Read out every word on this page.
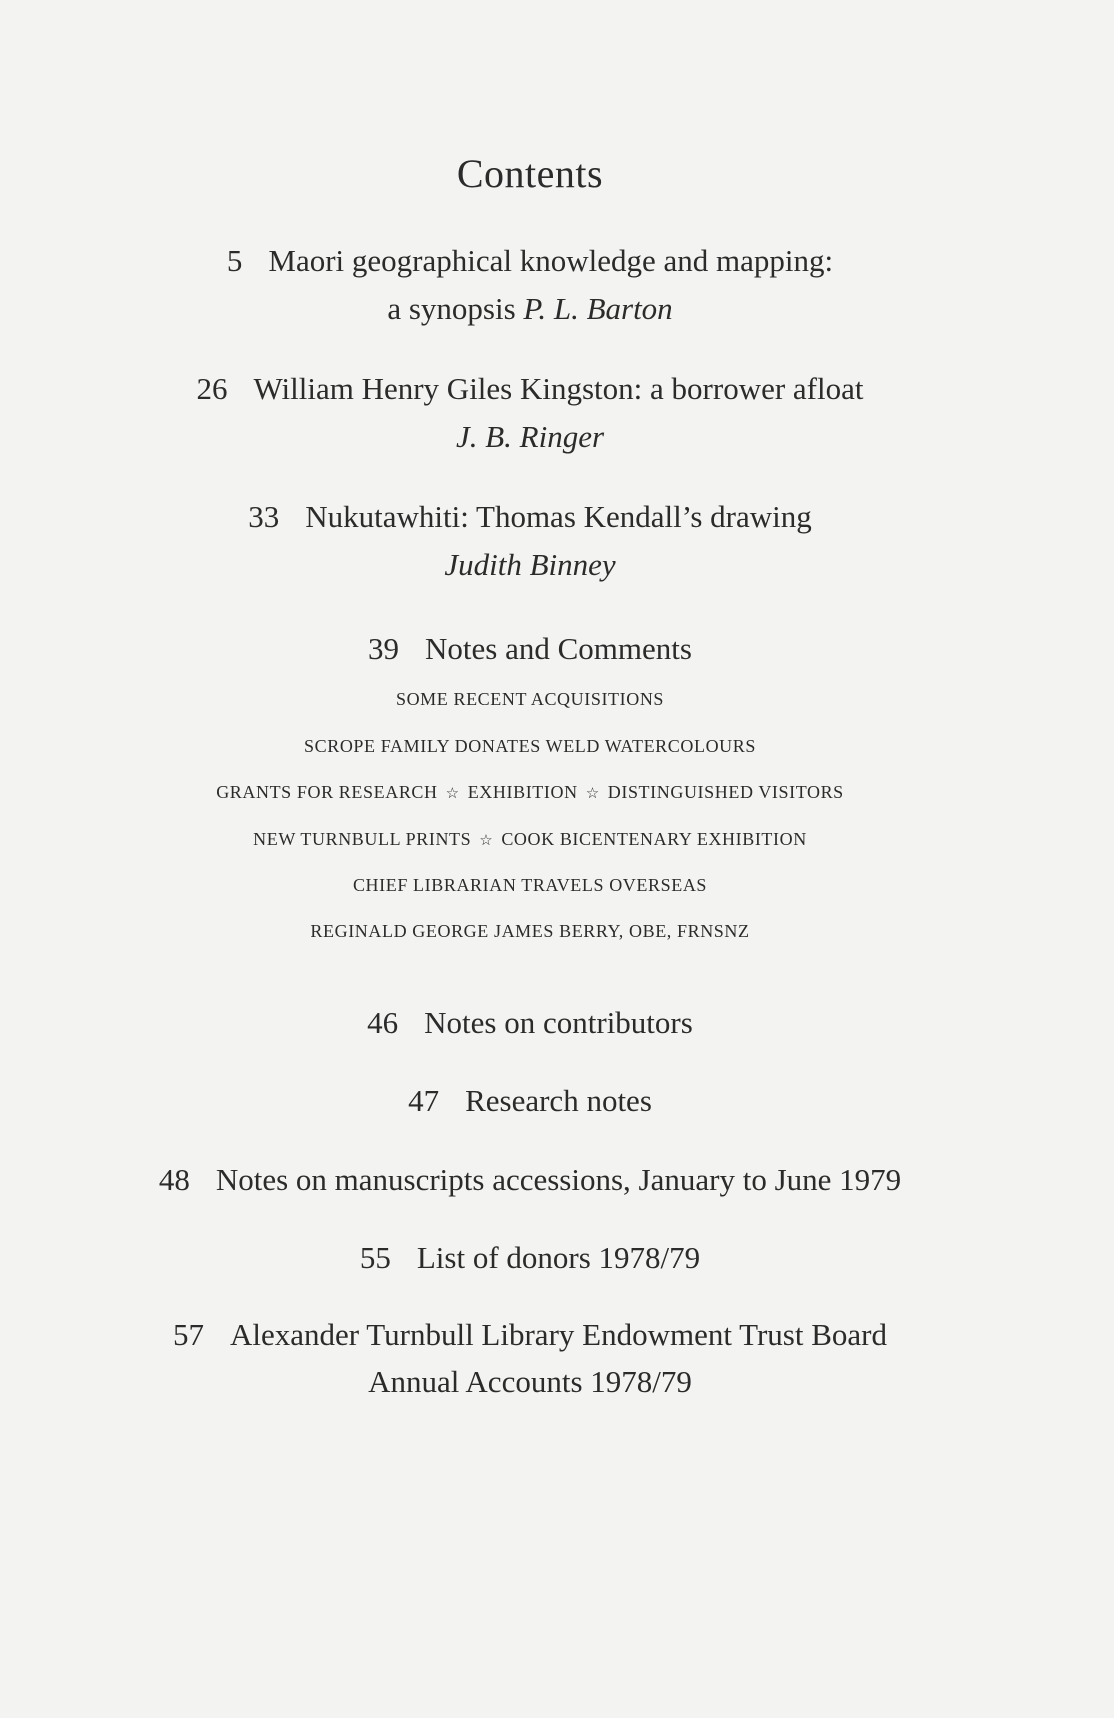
Contents
5 Maori geographical knowledge and mapping:
a synopsis P. L. Barton
26 William Henry Giles Kingston: a borrower afloat
J. B. Ringer
33 Nukutawhiti: Thomas Kendall’s drawing
Judith Binney
39 Notes and Comments
SOME RECENT ACQUISITIONS
SCROPE FAMILY DONATES WELD WATERCOLOURS
GRANTS FOR RESEARCH ☆ EXHIBITION ☆ DISTINGUISHED VISITORS
NEW TURNBULL PRINTS ☆ COOK BICENTENARY EXHIBITION
CHIEF LIBRARIAN TRAVELS OVERSEAS
REGINALD GEORGE JAMES BERRY, OBE, FRNSNZ
46 Notes on contributors
47 Research notes
48 Notes on manuscripts accessions, January to June 1979
55 List of donors 1978/79
57 Alexander Turnbull Library Endowment Trust Board
Annual Accounts 1978/79
